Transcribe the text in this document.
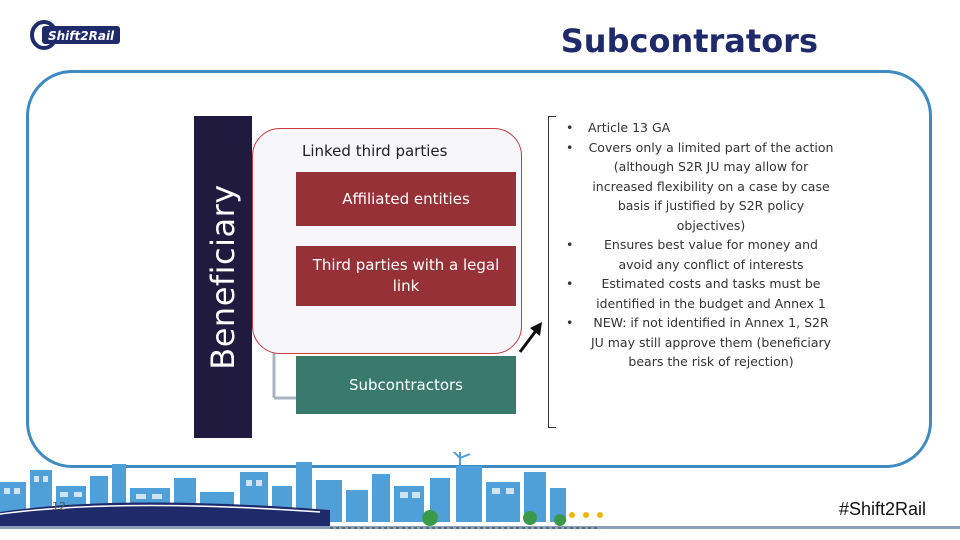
Shift2Rail	Subcontrators
Beneficiary
Linked third parties
Affiliated entities
Third parties with a legal link
Subcontractors
•	Article 13 GA
•	Covers only a limited part of the action (although S2R JU may allow for increased flexibility on a case by case basis if justified by S2R policy objectives)
•	Ensures best value for money and avoid any conflict of interests
•	Estimated costs and tasks must be identified in the budget and Annex 1
•	NEW: if not identified in Annex 1, S2R JU may still approve them (beneficiary bears the risk of rejection)
12	#Shift2Rail
